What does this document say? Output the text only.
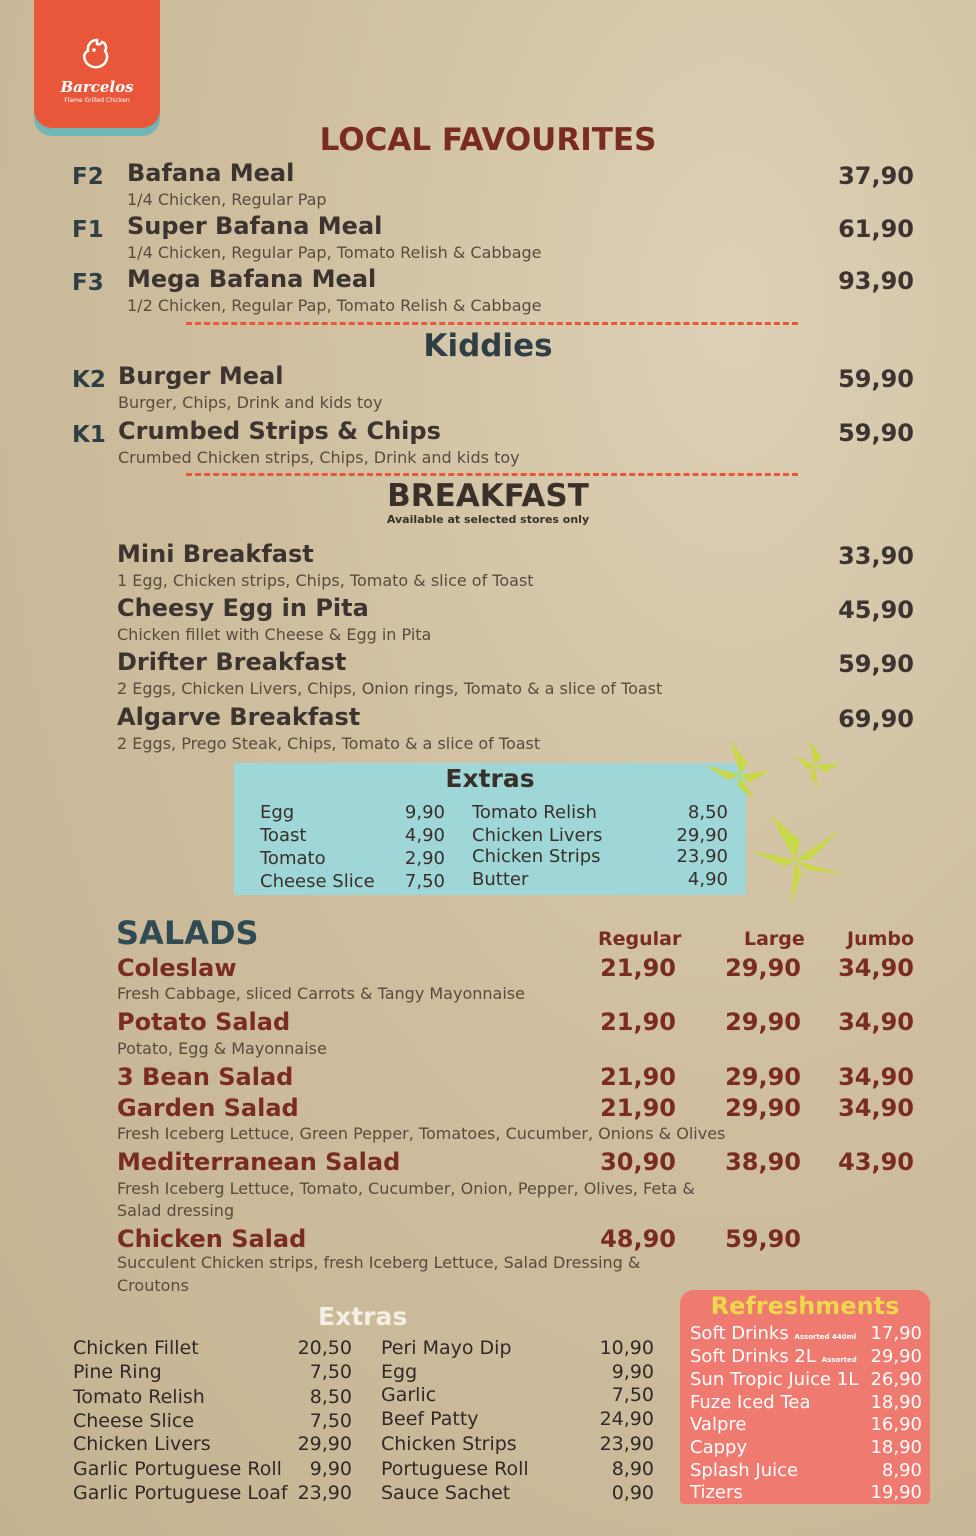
Barcelos
Flame Grilled Chicken
LOCAL FAVOURITES
F2 Bafana Meal
1/4 Chicken, Regular Pap
37,90
F1 Super Bafana Meal
1/4 Chicken, Regular Pap, Tomato Relish & Cabbage
61,90
F3 Mega Bafana Meal
1/2 Chicken, Regular Pap, Tomato Relish & Cabbage
93,90
Kiddies
K2 Burger Meal
Burger, Chips, Drink and kids toy
59,90
K1 Crumbed Strips & Chips
Crumbed Chicken strips, Chips, Drink and kids toy
59,90
BREAKFAST
Available at selected stores only
Mini Breakfast
1 Egg, Chicken strips, Chips, Tomato & slice of Toast
33,90
Cheesy Egg in Pita
Chicken fillet with Cheese & Egg in Pita
45,90
Drifter Breakfast
2 Eggs, Chicken Livers, Chips, Onion rings, Tomato & a slice of Toast
59,90
Algarve Breakfast
2 Eggs, Prego Steak, Chips, Tomato & a slice of Toast
69,90
Extras
Egg	9,90
Toast	4,90
Tomato	2,90
Cheese Slice	7,50
Tomato Relish	8,50
Chicken Livers	29,90
Chicken Strips	23,90
Butter	4,90
SALADS	Regular	Large Jumbo
Coleslaw
Fresh Cabbage, sliced Carrots & Tangy Mayonnaise
21,90	29,90	34,90
Potato Salad
Potato, Egg & Mayonnaise
21,90	29,90	34,90
3 Bean Salad	21,90	29,90	34,90
Garden Salad
Fresh Iceberg Lettuce, Green Pepper, Tomatoes, Cucumber, Onions & Olives
21,90	29,90	34,90
Mediterranean Salad
Fresh Iceberg Lettuce, Tomato, Cucumber, Onion, Pepper, Olives, Feta &
Salad dressing
30,90	38,90	43,90
Chicken Salad
Succulent Chicken strips, fresh Iceberg Lettuce, Salad Dressing &
Croutons
48,90	59,90
Extras
Chicken Fillet	20,50
Pine Ring	7,50
Tomato Relish	8,50
Cheese Slice	7,50
Chicken Livers	29,90
Garlic Portuguese Roll	9,90
Garlic Portuguese Loaf 23,90
Peri Mayo Dip	10,90
Egg	9,90
Garlic	7,50
Beef Patty	24,90
Chicken Strips	23,90
Portuguese Roll	8,90
Sauce Sachet	0,90
Refreshments
Soft Drinks Assorted 440ml 17,90
Soft Drinks 2L Assorted 29,90
Sun Tropic Juice 1L 26,90
Fuze Iced Tea	18,90
Valpre	16,90
Cappy	18,90
Splash Juice	8,90
Tizers	19,90
